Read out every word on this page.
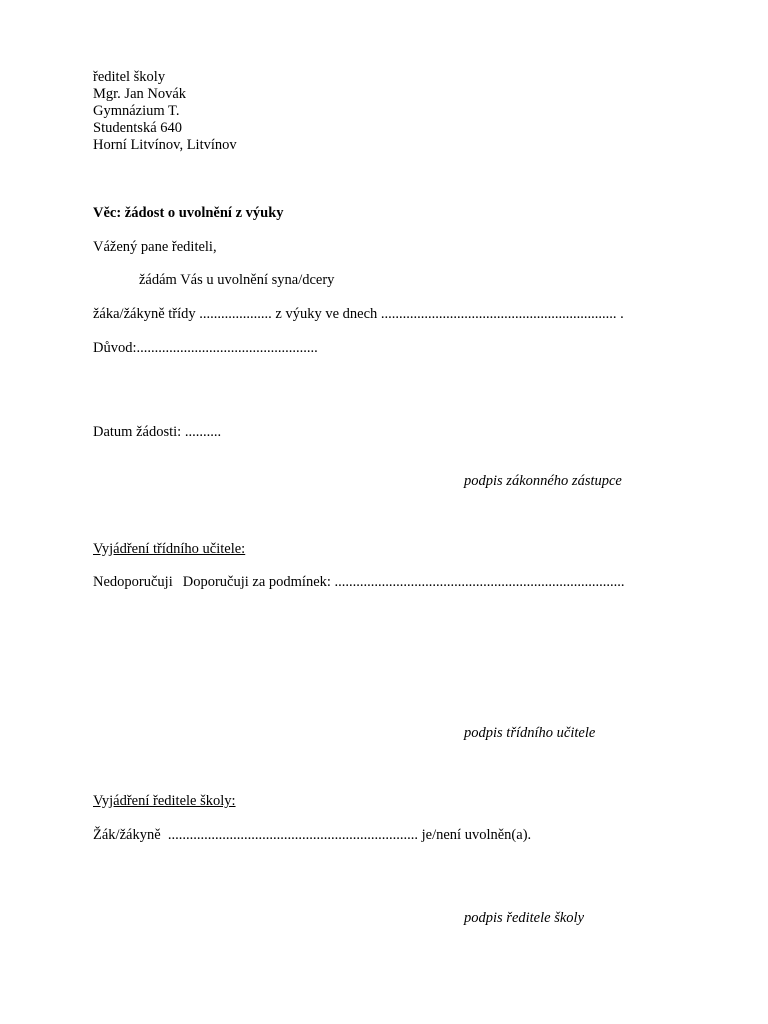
ředitel školy
Mgr. Jan Novák
Gymnázium T.
Studentská 640
Horní Litvínov, Litvínov
Věc: žádost o uvolnění z výuky
Vážený pane řediteli,
žádám Vás u uvolnění syna/dcery
žáka/žákyně třídy .................... z výuky ve dnech ................................................................. .
Důvod:..................................................
Datum žádosti: ..........
podpis zákonného zástupce
Vyjádření třídního učitele:
Nedoporučuji Doporučuji za podmínek: ................................................................................
podpis třídního učitele
Vyjádření ředitele školy:
Žák/žákyně  ..................................................................... je/není uvolněn(a).
podpis ředitele školy
